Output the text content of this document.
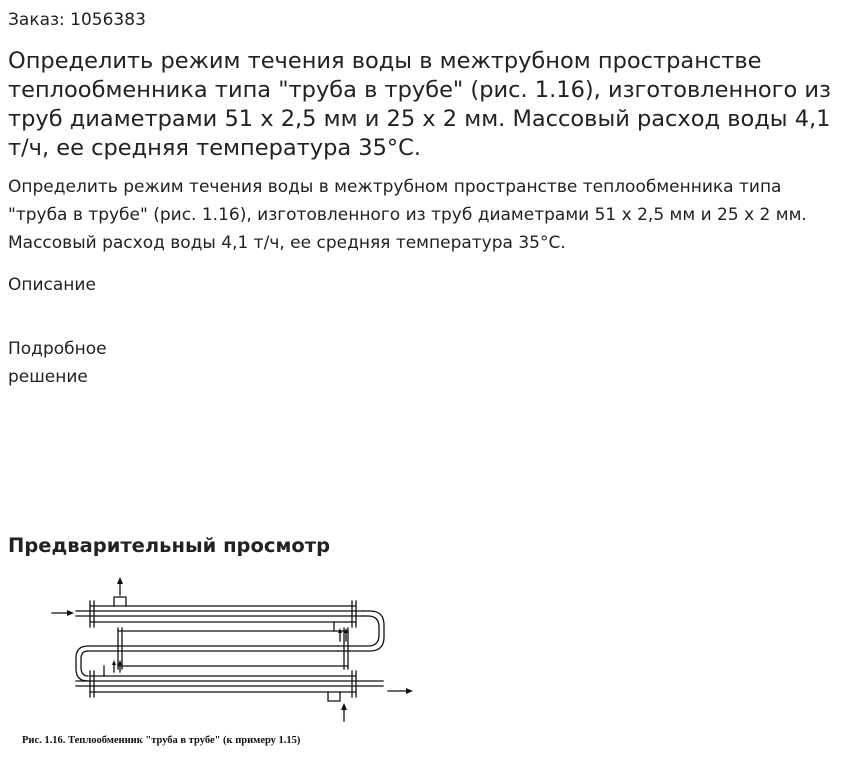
Заказ: 1056383
Определить режим течения воды в межтрубном пространстве теплообменника типа "труба в трубе" (рис. 1.16), изготовленного из труб диаметрами 51 х 2,5 мм и 25 х 2 мм. Массовый расход воды 4,1 т/ч, ее средняя температура 35°C.

Определить режим течения воды в межтрубном пространстве теплообменника типа "труба в трубе" (рис. 1.16), изготовленного из труб диаметрами 51 х 2,5 мм и 25 х 2 мм. Массовый расход воды 4,1 т/ч, ее средняя температура 35°C.

Описание
Подробное решение
Предварительный просмотр
Рис. 1.16. Теплообменник "труба в трубе" (к примеру 1.15)
